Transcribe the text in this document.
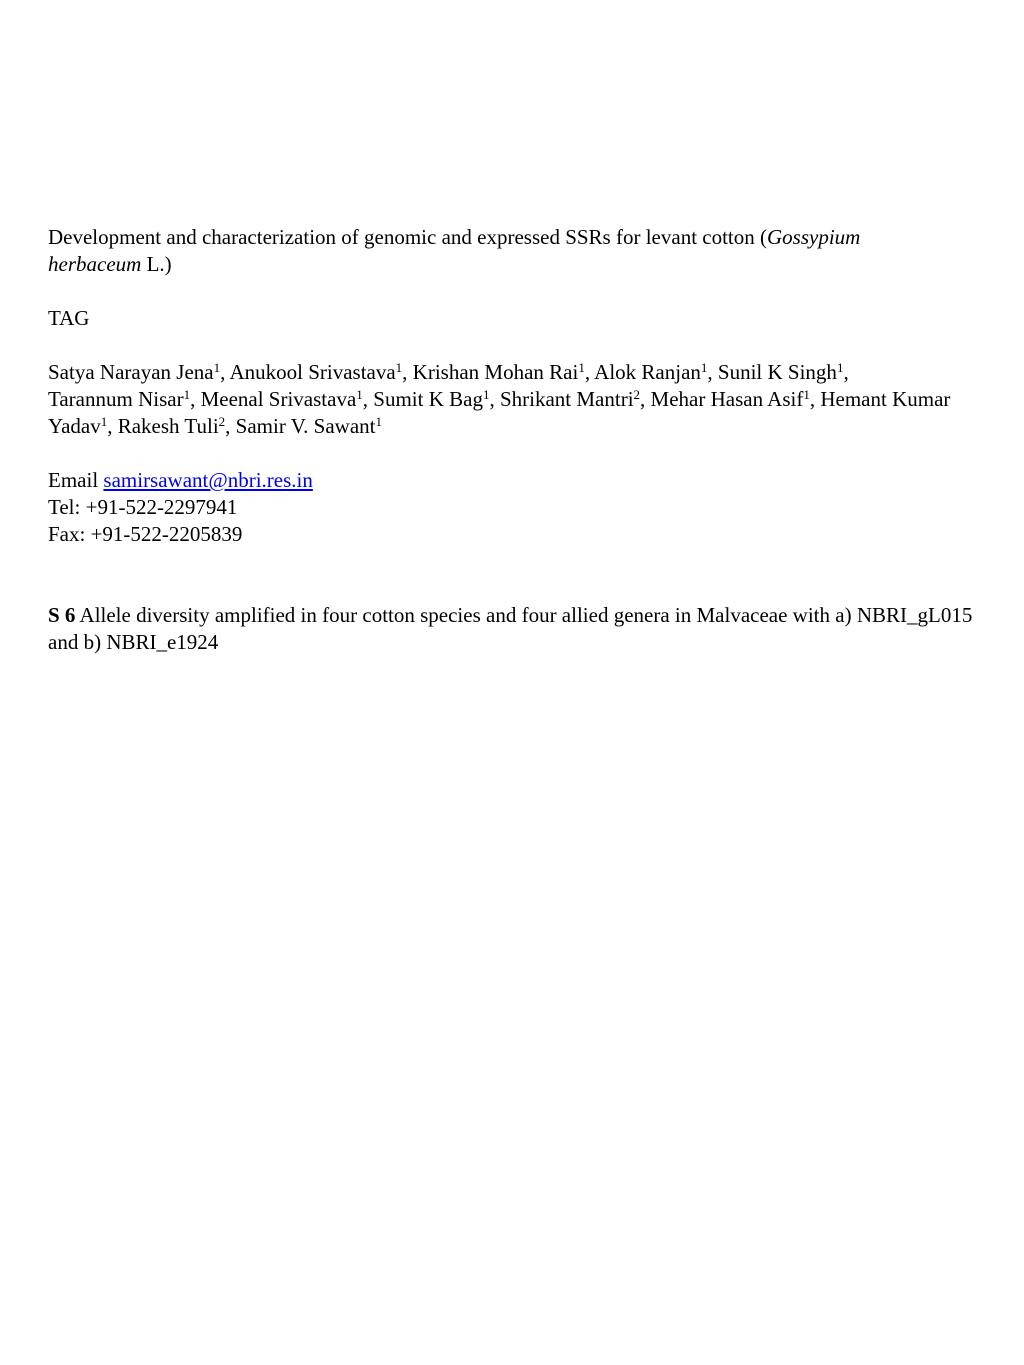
Development and characterization of genomic and expressed SSRs for levant cotton (Gossypium
herbaceum L.)

TAG

Satya Narayan Jena$^1$, Anukool Srivastava$^1$, Krishan Mohan Rai$^1$, Alok Ranjan$^1$, Sunil K Singh$^1$,
Tarannum Nisar$^1$, Meenal Srivastava$^1$, Sumit K Bag$^1$, Shrikant Mantri$^2$, Mehar Hasan Asif$^1$, Hemant Kumar Yadav$^1$, Rakesh Tuli$^2$, Samir V. Sawant$^1$

Email samirsawant@nbri.res.in

Tel: +91-522-2297941

Fax: +91-522-2205839

S 6 Allele diversity amplified in four cotton species and four allied genera in Malvaceae with a) NBRI_gL015  and b) NBRI_e1924
